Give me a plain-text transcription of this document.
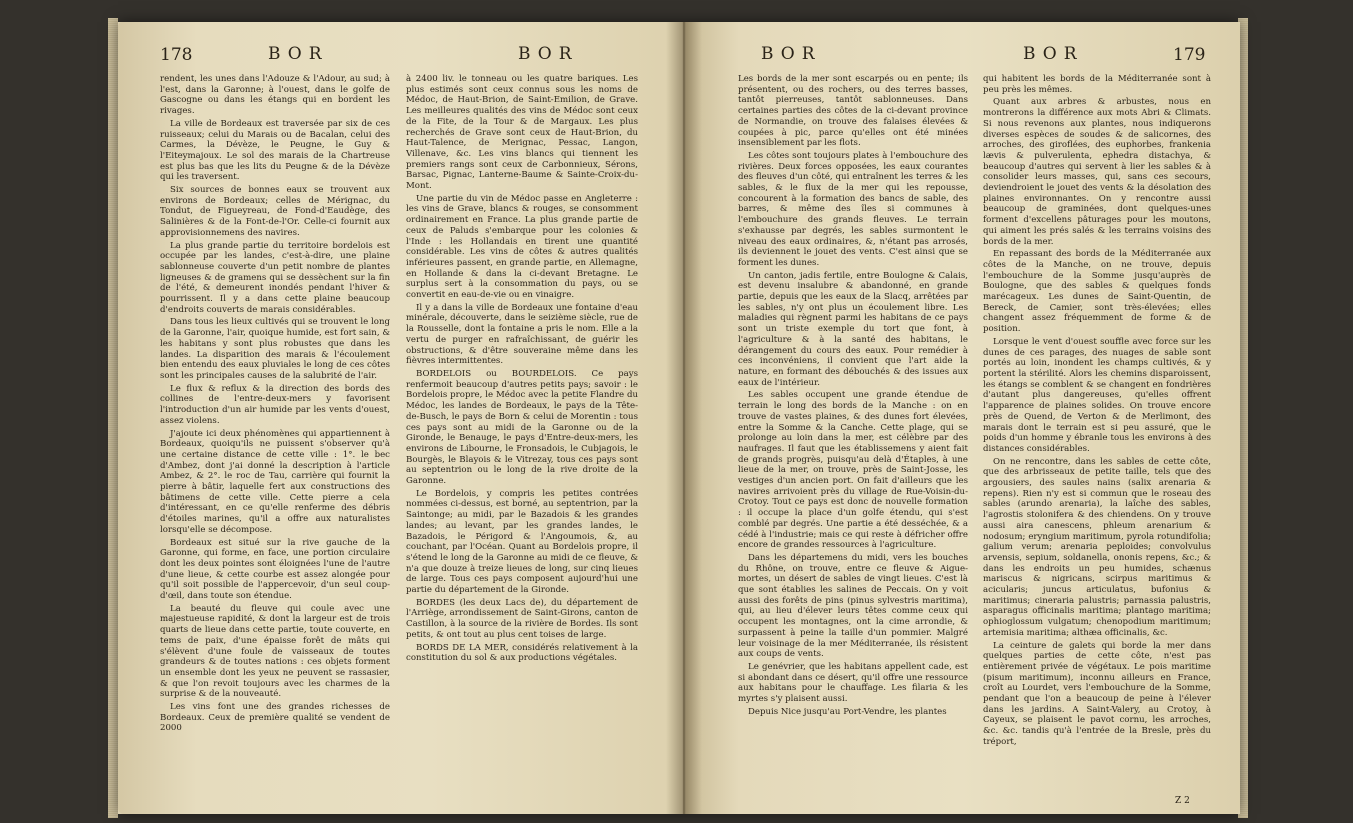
178	BOR	BOR

rendent, les unes dans l'Adouze & l'Adour, au sud; à l'est, dans la Garonne; à l'ouest, dans le golfe de Gascogne ou dans les étangs qui en bordent les rivages.

La ville de Bordeaux est traversée par six de ces ruisseaux; celui du Marais ou de Bacalan, celui des Carmes, la Dévèze, le Peugne, le Guy & l'Eiteymajoux. Le sol des marais de la Chartreuse est plus bas que les lits du Peugne & de la Dévèze qui les traversent.

Six sources de bonnes eaux se trouvent aux environs de Bordeaux; celles de Mérignac, du Tondut, de Figueyreau, de Fond-d'Eaudège, des Salinières & de la Font-de-l'Or. Celle-ci fournit aux approvisionnemens des navires.

La plus grande partie du territoire bordelois est occupée par les landes, c'est-à-dire, une plaine sablonneuse couverte d'un petit nombre de plantes ligneuses & de gramens qui se dessèchent sur la fin de l'été, & demeurent inondés pendant l'hiver & pourrissent. Il y a dans cette plaine beaucoup d'endroits couverts de marais considérables.

Dans tous les lieux cultivés qui se trouvent le long de la Garonne, l'air, quoique humide, est fort sain, & les habitans y sont plus robustes que dans les landes. La disparition des marais & l'écoulement bien entendu des eaux pluviales le long de ces côtes sont les principales causes de la salubrité de l'air.

Le flux & reflux & la direction des bords des collines de l'entre-deux-mers y favorisent l'introduction d'un air humide par les vents d'ouest, assez violens.

J'ajoute ici deux phénomènes qui appartiennent à Bordeaux, quoiqu'ils ne puissent s'observer qu'à une certaine distance de cette ville : 1°. le bec d'Ambez, dont j'ai donné la description à l'article Ambez, & 2°. le roc de Tau, carrière qui fournit la pierre à bâtir, laquelle fert aux constructions des bâtimens de cette ville. Cette pierre a cela d'intéressant, en ce qu'elle renferme des débris d'étoiles marines, qu'il a offre aux naturalistes lorsqu'elle se décompose.

Bordeaux est situé sur la rive gauche de la Garonne, qui forme, en face, une portion circulaire dont les deux pointes sont éloignées l'une de l'autre d'une lieue, & cette courbe est assez alongée pour qu'il soit possible de l'appercevoir, d'un seul coup-d'œil, dans toute son étendue.

La beauté du fleuve qui coule avec une majestueuse rapidité, & dont la largeur est de trois quarts de lieue dans cette partie, toute couverte, en tems de paix, d'une épaisse forêt de mâts qui s'élèvent d'une foule de vaisseaux de toutes grandeurs & de toutes nations : ces objets forment un ensemble dont les yeux ne peuvent se rassasier, & que l'on revoit toujours avec les charmes de la surprise & de la nouveauté.

Les vins font une des grandes richesses de Bordeaux. Ceux de première qualité se vendent de 2000

à 2400 liv. le tonneau ou les quatre bariques. Les plus estimés sont ceux connus sous les noms de Médoc, de Haut-Brion, de Saint-Emilion, de Grave. Les meilleures qualités des vins de Médoc sont ceux de la Fite, de la Tour & de Margaux. Les plus recherchés de Grave sont ceux de Haut-Brion, du Haut-Talence, de Merignac, Pessac, Langon, Villenave, &c. Les vins blancs qui tiennent les premiers rangs sont ceux de Carbonnieux, Sérons, Barsac, Pignac, Lanterne-Baume & Sainte-Croix-du-Mont.

Une partie du vin de Médoc passe en Angleterre : les vins de Grave, blancs & rouges, se consomment ordinairement en France. La plus grande partie de ceux de Paluds s'embarque pour les colonies & l'Inde : les Hollandais en tirent une quantité considérable. Les vins de côtes & autres qualités inférieures passent, en grande partie, en Allemagne, en Hollande & dans la ci-devant Bretagne. Le surplus sert à la consommation du pays, ou se convertit en eau-de-vie ou en vinaigre.

Il y a dans la ville de Bordeaux une fontaine d'eau minérale, découverte, dans le seizième siècle, rue de la Rousselle, dont la fontaine a pris le nom. Elle a la vertu de purger en rafraîchissant, de guérir les obstructions, & d'être souveraine même dans les fièvres intermittentes.

BORDELOIS ou BOURDELOIS. Ce pays renfermoit beaucoup d'autres petits pays; savoir : le Bordelois propre, le Médoc avec la petite Flandre du Médoc, les landes de Bordeaux, le pays de la Tête-de-Busch, le pays de Born & celui de Morentin : tous ces pays sont au midi de la Garonne ou de la Gironde, le Benauge, le pays d'Entre-deux-mers, les environs de Libourne, le Fronsadois, le Cubjagois, le Bourgès, le Blayois & le Vitrezay, tous ces pays sont au septentrion ou le long de la rive droite de la Garonne.

Le Bordelois, y compris les petites contrées nommées ci-dessus, est borné, au septentrion, par la Saintonge; au midi, par le Bazadois & les grandes landes; au levant, par les grandes landes, le Bazadois, le Périgord & l'Angoumois, &, au couchant, par l'Océan. Quant au Bordelois propre, il s'étend le long de la Garonne au midi de ce fleuve, & n'a que douze à treize lieues de long, sur cinq lieues de large. Tous ces pays composent aujourd'hui une partie du département de la Gironde.

BORDES (les deux Lacs de), du département de l'Arriège, arrondissement de Saint-Girons, canton de Castillon, à la source de la rivière de Bordes. Ils sont petits, & ont tout au plus cent toises de large.

BORDS DE LA MER, considérés relativement à la constitution du sol & aux productions végétales.

BOR	BOR	179

Les bords de la mer sont escarpés ou en pente; ils présentent, ou des rochers, ou des terres basses, tantôt pierreuses, tantôt sablonneuses. Dans certaines parties des côtes de la ci-devant province de Normandie, on trouve des falaises élevées & coupées à pic, parce qu'elles ont été minées insensiblement par les flots.

Les côtes sont toujours plates à l'embouchure des rivières. Deux forces opposées, les eaux courantes des fleuves d'un côté, qui entraînent les terres & les sables, & le flux de la mer qui les repousse, concourent à la formation des bancs de sable, des barres, & même des îles si communes à l'embouchure des grands fleuves. Le terrain s'exhausse par degrés, les sables surmontent le niveau des eaux ordinaires, &, n'étant pas arrosés, ils deviennent le jouet des vents. C'est ainsi que se forment les dunes.

Un canton, jadis fertile, entre Boulogne & Calais, est devenu insalubre & abandonné, en grande partie, depuis que les eaux de la Slacq, arrêtées par les sables, n'y ont plus un écoulement libre. Les maladies qui règnent parmi les habitans de ce pays sont un triste exemple du tort que font, à l'agriculture & à la santé des habitans, le dérangement du cours des eaux. Pour remédier à ces inconvéniens, il convient que l'art aide la nature, en formant des débouchés & des issues aux eaux de l'intérieur.

Les sables occupent une grande étendue de terrain le long des bords de la Manche : on en trouve de vastes plaines, & des dunes fort élevées, entre la Somme & la Canche. Cette plage, qui se prolonge au loin dans la mer, est célèbre par des naufrages. Il faut que les établissemens y aient fait de grands progrès, puisqu'au delà d'Étaples, à une lieue de la mer, on trouve, près de Saint-Josse, les vestiges d'un ancien port. On fait d'ailleurs que les navires arrivoient près du village de Rue-Voisin-du-Crotoy. Tout ce pays est donc de nouvelle formation : il occupe la place d'un golfe étendu, qui s'est comblé par degrés. Une partie a été desséchée, & a cédé à l'industrie; mais ce qui reste à défricher offre encore de grandes ressources à l'agriculture.

Dans les départemens du midi, vers les bouches du Rhône, on trouve, entre ce fleuve & Aigue-mortes, un désert de sables de vingt lieues. C'est là que sont établies les salines de Peccais. On y voit aussi des forêts de pins (pinus sylvestris maritima), qui, au lieu d'élever leurs têtes comme ceux qui occupent les montagnes, ont la cime arrondie, & surpassent à peine la taille d'un pommier. Malgré leur voisinage de la mer Méditerranée, ils résistent aux coups de vents.

Le genévrier, que les habitans appellent cade, est si abondant dans ce désert, qu'il offre une ressource aux habitans pour le chauffage. Les filaria & les myrtes s'y plaisent aussi.

Depuis Nice jusqu'au Port-Vendre, les plantes

qui habitent les bords de la Méditerranée sont à peu près les mêmes.

Quant aux arbres & arbustes, nous en montrerons la différence aux mots Abri & Climats. Si nous revenons aux plantes, nous indiquerons diverses espèces de soudes & de salicornes, des arroches, des giroflées, des euphorbes, frankenia lævis & pulverulenta, ephedra distachya, & beaucoup d'autres qui servent à lier les sables & à consolider leurs masses, qui, sans ces secours, deviendroient le jouet des vents & la désolation des plaines environnantes. On y rencontre aussi beaucoup de graminées, dont quelques-unes forment d'excellens pâturages pour les moutons, qui aiment les prés salés & les terrains voisins des bords de la mer.

En repassant des bords de la Méditerranée aux côtes de la Manche, on ne trouve, depuis l'embouchure de la Somme jusqu'auprès de Boulogne, que des sables & quelques fonds marécageux. Les dunes de Saint-Quentin, de Bereck, de Camier, sont très-élevées; elles changent assez fréquemment de forme & de position.

Lorsque le vent d'ouest souffle avec force sur les dunes de ces parages, des nuages de sable sont portés au loin, inondent les champs cultivés, & y portent la stérilité. Alors les chemins disparoissent, les étangs se comblent & se changent en fondrières d'autant plus dangereuses, qu'elles offrent l'apparence de plaines solides. On trouve encore près de Quend, de Verton & de Merlimont, des marais dont le terrain est si peu assuré, que le poids d'un homme y ébranle tous les environs à des distances considérables.

On ne rencontre, dans les sables de cette côte, que des arbrisseaux de petite taille, tels que des argousiers, des saules nains (salix arenaria & repens). Rien n'y est si commun que le roseau des sables (arundo arenaria), la laîche des sables, l'agrostis stolonifera & des chiendens. On y trouve aussi aira canescens, phleum arenarium & nodosum; eryngium maritimum, pyrola rotundifolia; galium verum; arenaria peploides; convolvulus arvensis, sepium, soldanella, ononis repens, &c.; & dans les endroits un peu humides, schænus mariscus & nigricans, scirpus maritimus & acicularis; juncus articulatus, bufonius & maritimus; cineraria palustris; parnassia palustris, asparagus officinalis maritima; plantago maritima; ophioglossum vulgatum; chenopodium maritimum; artemisia maritima; althæa officinalis, &c.

La ceinture de galets qui borde la mer dans quelques parties de cette côte, n'est pas entièrement privée de végétaux. Le pois maritime (pisum maritimum), inconnu ailleurs en France, croît au Lourdet, vers l'embouchure de la Somme, pendant que l'on a beaucoup de peine à l'élever dans les jardins. A Saint-Valery, au Crotoy, à Cayeux, se plaisent le pavot cornu, les arroches, &c. &c. tandis qu'à l'entrée de la Bresle, près du tréport,

Z 2
